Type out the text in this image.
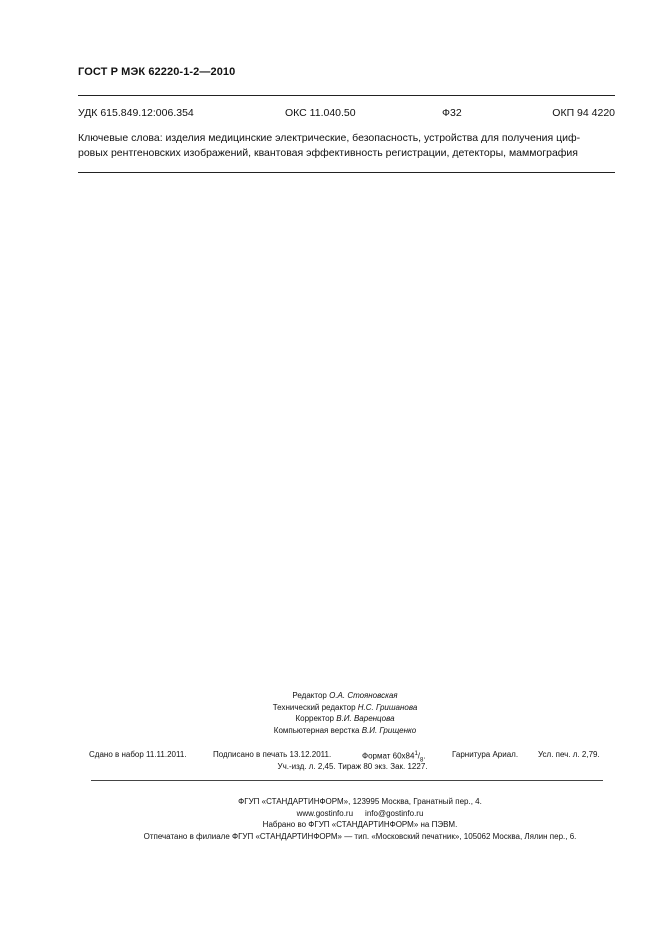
ГОСТ Р МЭК 62220-1-2—2010
УДК 615.849.12:006.354	ОКС 11.040.50	Ф32	ОКП 94 4220
Ключевые слова: изделия медицинские электрические, безопасность, устройства для получения циф-
ровых рентгеновских изображений, квантовая эффективность регистрации, детекторы, маммография
Редактор О.А. Стояновская
Технический редактор Н.С. Гришанова
Корректор В.И. Варенцова
Компьютерная верстка В.И. Грищенко
Сдано в набор 11.11.2011.	Подписано в печать 13.12.2011.	Формат $60x84^1/_8$.	Гарнитура Ариал. Усл. печ. л. 2,79.
Уч.-изд. л. 2,45. Тираж 80 экз. Зак. 1227.
ФГУП «СТАНДАРТИНФОРМ», 123995 Москва, Гранатный пер., 4.
www.gostinfo.ru info@gostinfo.ru
Набрано во ФГУП «СТАНДАРТИНФОРМ» на ПЭВМ.
Отпечатано в филиале ФГУП «СТАНДАРТИНФОРМ» — тип. «Московский печатник», 105062 Москва, Лялин пер., 6.
